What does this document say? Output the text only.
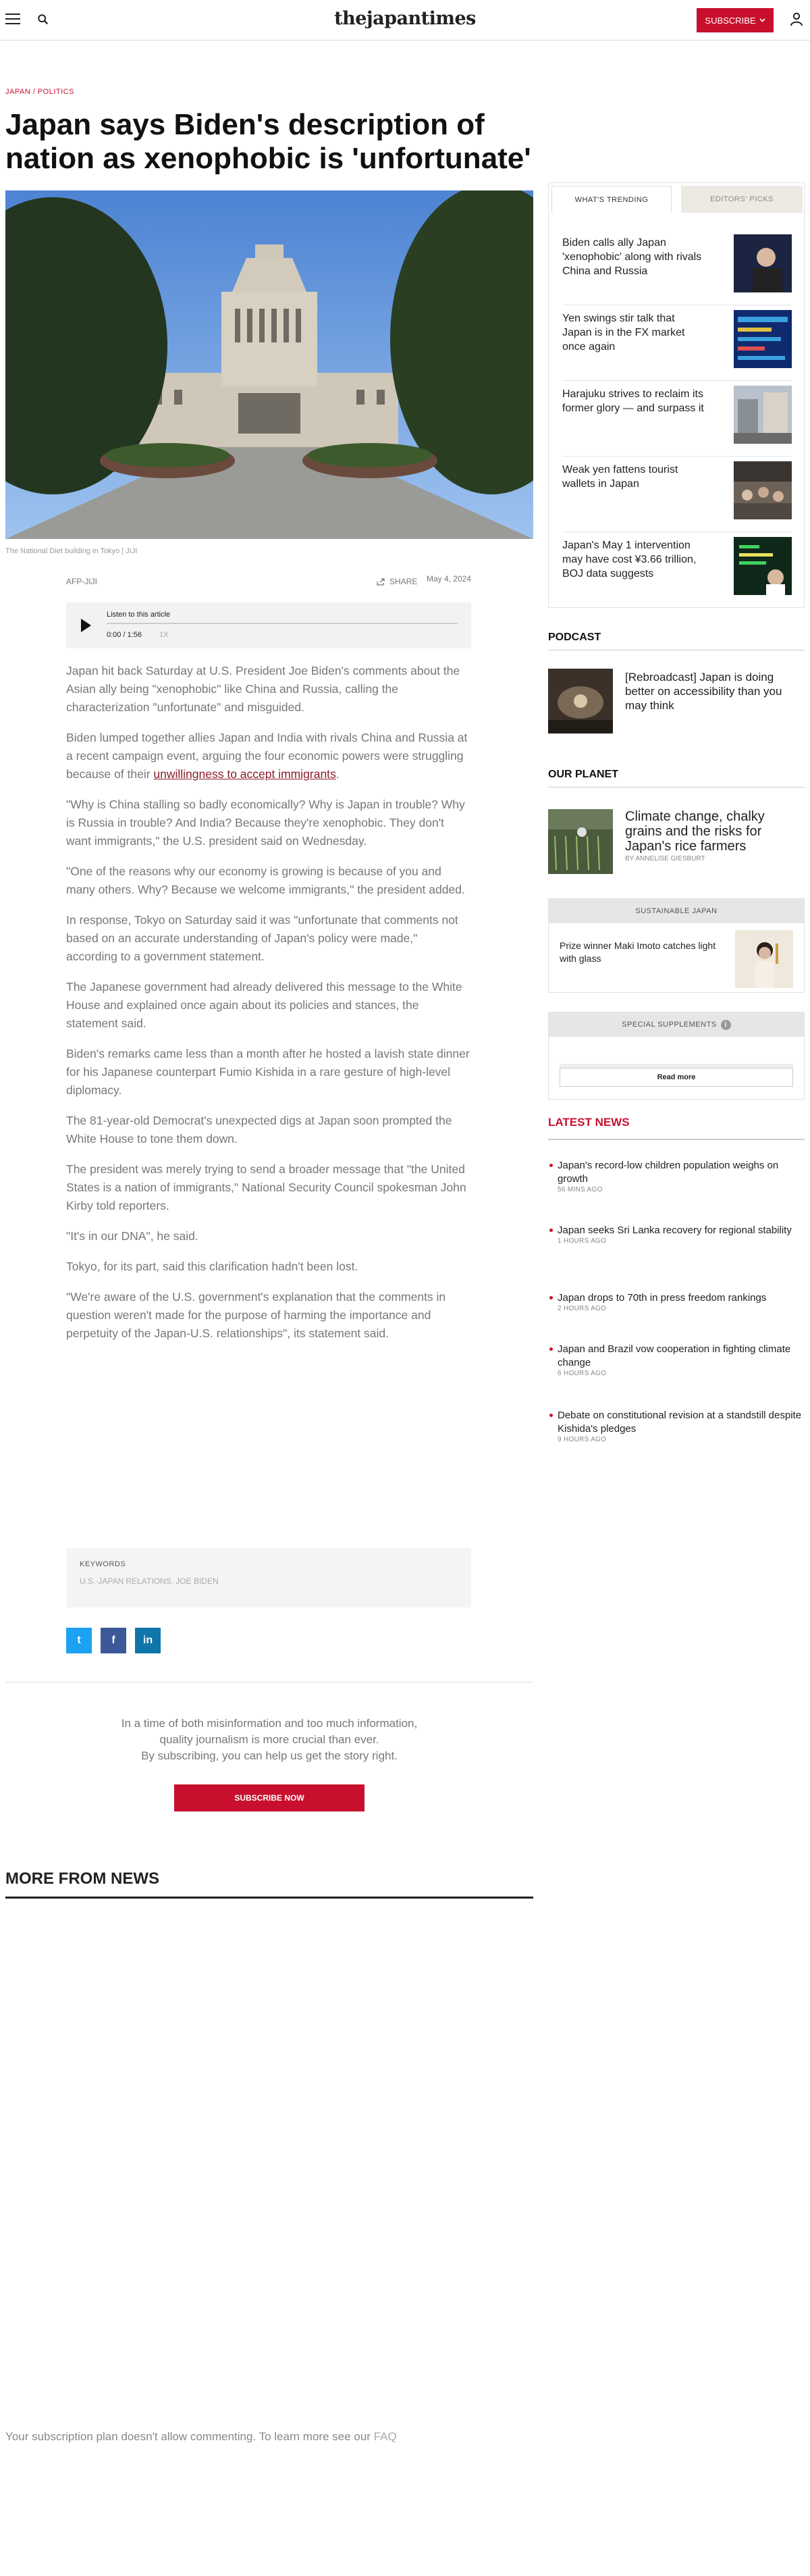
thejapantimes	SUBSCRIBE
JAPAN / POLITICS
Japan says Biden's description of nation as xenophobic is 'unfortunate'
The National Diet building in Tokyo | JIJI
AFP-JIJI	SHARE May 4, 2024
Listen to this article
0:00 / 1:56 1X

Japan hit back Saturday at U.S. President Joe Biden's comments about the Asian ally being "xenophobic" like China and Russia, calling the characterization "unfortunate" and misguided.

Biden lumped together allies Japan and India with rivals China and Russia at a recent campaign event, arguing the four economic powers were struggling because of their unwillingness to accept immigrants.

"Why is China stalling so badly economically? Why is Japan in trouble? Why is Russia in trouble? And India? Because they're xenophobic. They don't want immigrants," the U.S. president said on Wednesday.

"One of the reasons why our economy is growing is because of you and many others. Why? Because we welcome immigrants," the president added.

In response, Tokyo on Saturday said it was "unfortunate that comments not based on an accurate understanding of Japan's policy were made," according to a government statement.

The Japanese government had already delivered this message to the White House and explained once again about its policies and stances, the statement said.

Biden's remarks came less than a month after he hosted a lavish state dinner for his Japanese counterpart Fumio Kishida in a rare gesture of high-level diplomacy.

The 81-year-old Democrat's unexpected digs at Japan soon prompted the White House to tone them down.

The president was merely trying to send a broader message that "the United States is a nation of immigrants," National Security Council spokesman John Kirby told reporters.

"It's in our DNA", he said.

Tokyo, for its part, said this clarification hadn't been lost.

"We're aware of the U.S. government's explanation that the comments in question weren't made for the purpose of harming the importance and perpetuity of the Japan-U.S. relationships", its statement said.

KEYWORDS
U.S.-JAPAN RELATIONS, JOE BIDEN
t	f	in
In a time of both misinformation and too much information,
quality journalism is more crucial than ever.
By subscribing, you can help us get the story right.
SUBSCRIBE NOW
MORE FROM NEWS
Your subscription plan doesn't allow commenting. To learn more see our FAQ
WHAT'S TRENDING	EDITORS' PICKS
Biden calls ally Japan 'xenophobic' along with rivals China and Russia
Yen swings stir talk that Japan is in the FX market once again
Harajuku strives to reclaim its former glory — and surpass it
Weak yen fattens tourist wallets in Japan
Japan's May 1 intervention may have cost ¥3.66 trillion, BOJ data suggests
PODCAST
[Rebroadcast] Japan is doing better on accessibility than you may think
OUR PLANET
Climate change, chalky grains and the risks for Japan's rice farmers
BY ANNELISE GIESBURT
SUSTAINABLE JAPAN
Prize winner Maki Imoto catches light with glass
SPECIAL SUPPLEMENTS	i
Read more
LATEST NEWS
Japan's record-low children population weighs on growth
56 MINS AGO
Japan seeks Sri Lanka recovery for regional stability
1 HOURS AGO
Japan drops to 70th in press freedom rankings
2 HOURS AGO
Japan and Brazil vow cooperation in fighting climate change
6 HOURS AGO
Debate on constitutional revision at a standstill despite Kishida's pledges
9 HOURS AGO
